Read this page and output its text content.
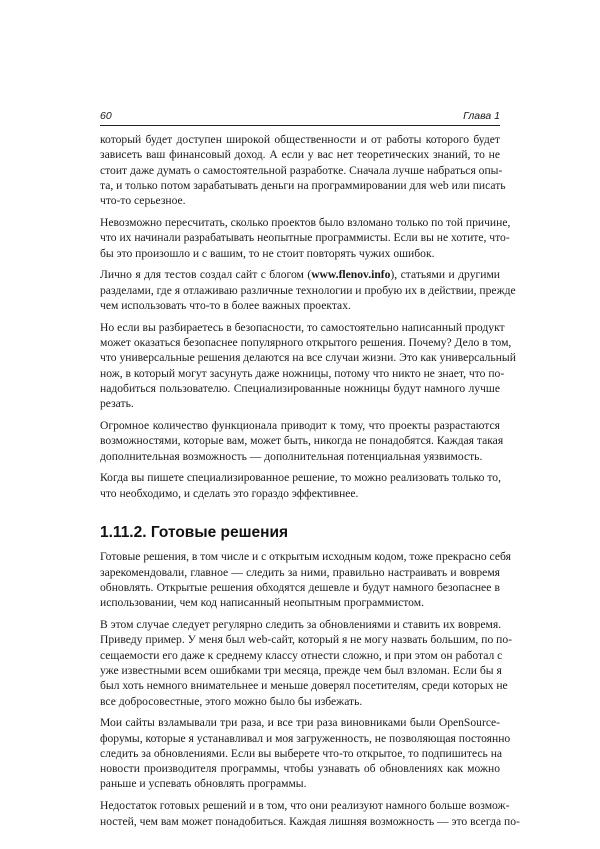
60	Глава 1
который будет доступен широкой общественности и от работы которого будет
зависеть ваш финансовый доход. А если у вас нет теоретических знаний, то не
стоит даже думать о самостоятельной разработке. Сначала лучше набраться опы-
та, и только потом зарабатывать деньги на программировании для web или писать
что-то серьезное.
Невозможно пересчитать, сколько проектов было взломано только по той причине,
что их начинали разрабатывать неопытные программисты. Если вы не хотите, что-
бы это произошло и с вашим, то не стоит повторять чужих ошибок.
Лично я для тестов создал сайт с блогом (www.flenov.info), статьями и другими
разделами, где я отлаживаю различные технологии и пробую их в действии, прежде
чем использовать что-то в более важных проектах.
Но если вы разбираетесь в безопасности, то самостоятельно написанный продукт
может оказаться безопаснее популярного открытого решения. Почему? Дело в том,
что универсальные решения делаются на все случаи жизни. Это как универсальный
нож, в который могут засунуть даже ножницы, потому что никто не знает, что по-
надобиться пользователю. Специализированные ножницы будут намного лучше
резать.
Огромное количество функционала приводит к тому, что проекты разрастаются
возможностями, которые вам, может быть, никогда не понадобятся. Каждая такая
дополнительная возможность — дополнительная потенциальная уязвимость.
Когда вы пишете специализированное решение, то можно реализовать только то,
что необходимо, и сделать это гораздо эффективнее.
1.11.2. Готовые решения
Готовые решения, в том числе и с открытым исходным кодом, тоже прекрасно себя
зарекомендовали, главное — следить за ними, правильно настраивать и вовремя
обновлять. Открытые решения обходятся дешевле и будут намного безопаснее в
использовании, чем код написанный неопытным программистом.
В этом случае следует регулярно следить за обновлениями и ставить их вовремя.
Приведу пример. У меня был web-сайт, который я не могу назвать большим, по по-
сещаемости его даже к среднему классу отнести сложно, и при этом он работал с
уже известными всем ошибками три месяца, прежде чем был взломан. Если бы я
был хоть немного внимательнее и меньше доверял посетителям, среди которых не
все добросовестные, этого можно было бы избежать.
Мои сайты взламывали три раза, и все три раза виновниками были OpenSource-
форумы, которые я устанавливал и моя загруженность, не позволяющая постоянно
следить за обновлениями. Если вы выберете что-то открытое, то подпишитесь на
новости производителя программы, чтобы узнавать об обновлениях как можно
раньше и успевать обновлять программы.
Недостаток готовых решений и в том, что они реализуют намного больше возмож-
ностей, чем вам может понадобиться. Каждая лишняя возможность — это всегда по-
